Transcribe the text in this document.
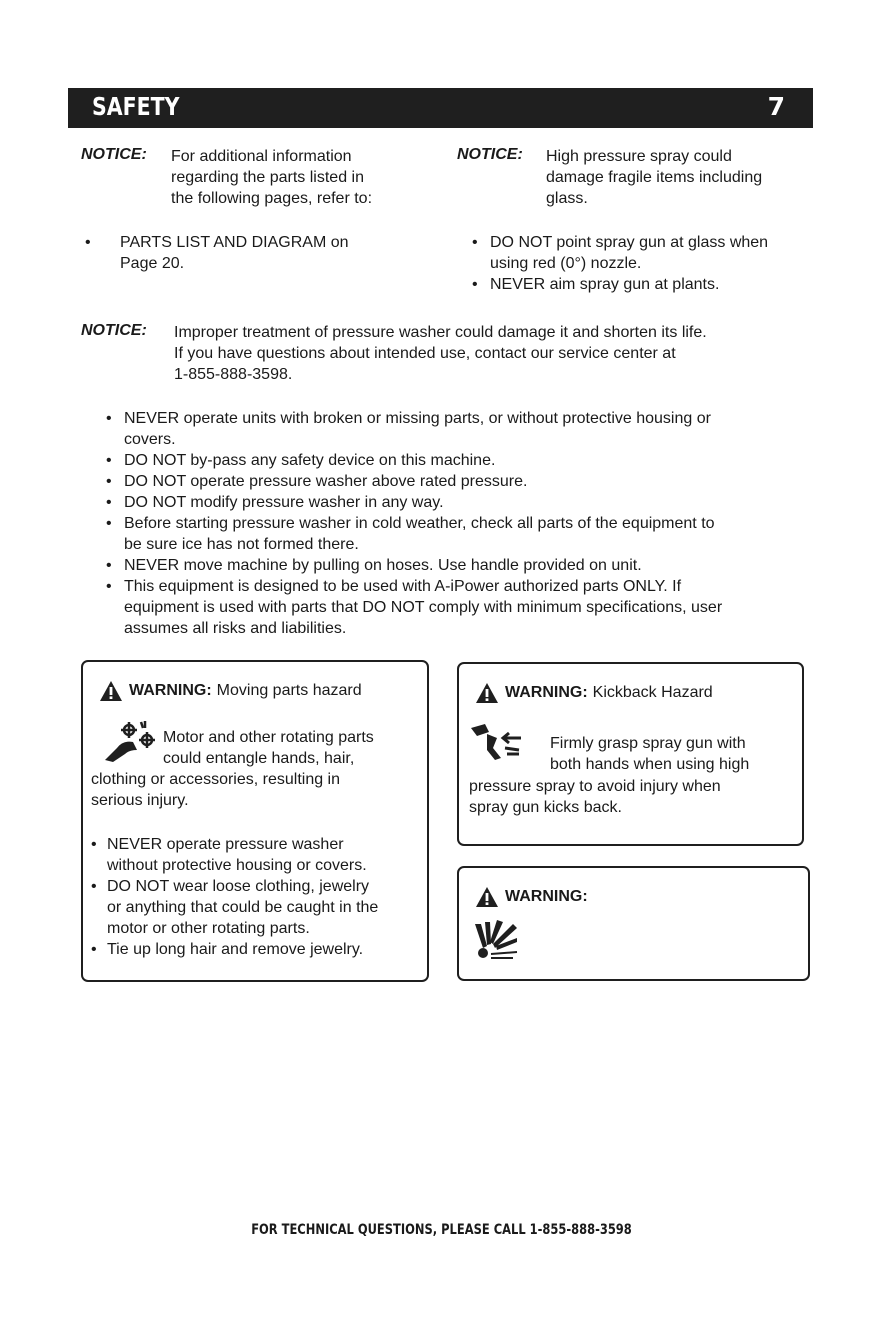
SAFETY	7
NOTICE: For additional information
regarding the parts listed in
the following pages, refer to:
• PARTS LIST AND DIAGRAM on
Page 20.
NOTICE: High pressure spray could
damage fragile items including
glass.
• DO NOT point spray gun at glass when
using red (0°) nozzle.
• NEVER aim spray gun at plants.
NOTICE: Improper treatment of pressure washer could damage it and shorten its life.
If you have questions about intended use, contact our service center at
1-855-888-3598.
• NEVER operate units with broken or missing parts, or without protective housing or
covers.
• DO NOT by-pass any safety device on this machine.
• DO NOT operate pressure washer above rated pressure.
• DO NOT modify pressure washer in any way.
• Before starting pressure washer in cold weather, check all parts of the equipment to
be sure ice has not formed there.
• NEVER move machine by pulling on hoses. Use handle provided on unit.
• This equipment is designed to be used with A-iPower authorized parts ONLY. If
equipment is used with parts that DO NOT comply with minimum specifications, user
assumes all risks and liabilities.
WARNING: Moving parts hazard
Motor and other rotating parts
could entangle hands, hair,
clothing or accessories, resulting in
serious injury.
• NEVER operate pressure washer
without protective housing or covers.
• DO NOT wear loose clothing, jewelry
or anything that could be caught in the
motor or other rotating parts.
• Tie up long hair and remove jewelry.
WARNING: Kickback Hazard
Firmly grasp spray gun with
both hands when using high
pressure spray to avoid injury when
spray gun kicks back.
WARNING:
FOR TECHNICAL QUESTIONS, PLEASE CALL 1-855-888-3598
